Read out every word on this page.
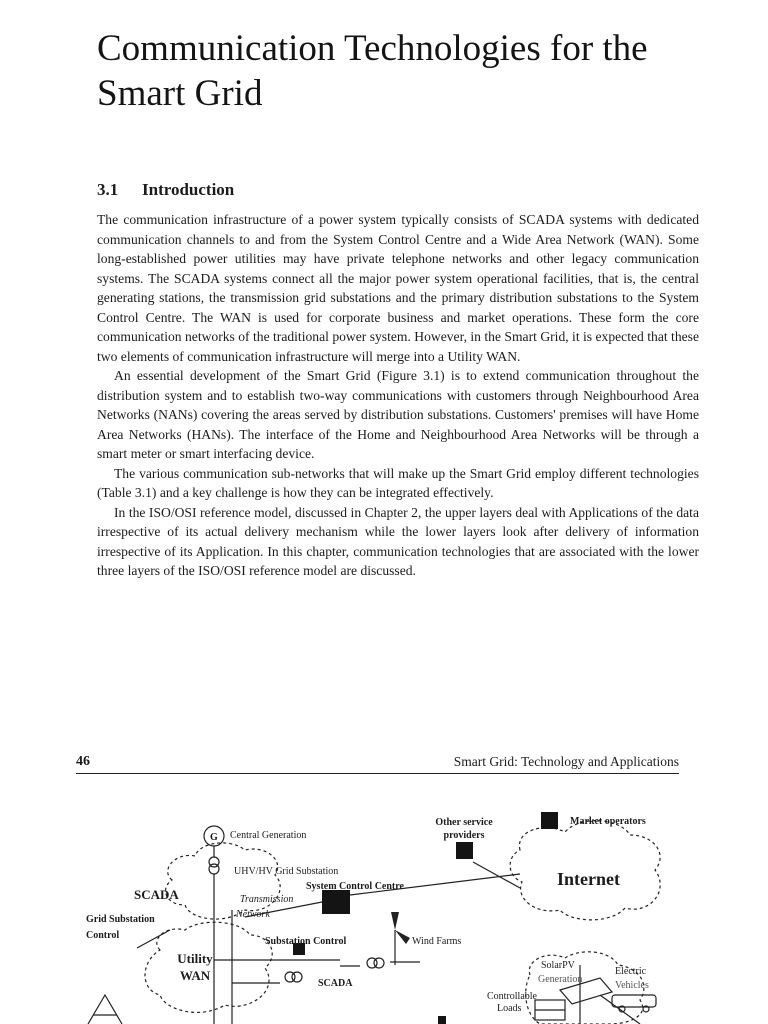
Communication Technologies for the Smart Grid
3.1 Introduction

The communication infrastructure of a power system typically consists of SCADA systems with dedicated communication channels to and from the System Control Centre and a Wide Area Network (WAN). Some long-established power utilities may have private telephone networks and other legacy communication systems. The SCADA systems connect all the major power system operational facilities, that is, the central generating stations, the transmission grid substations and the primary distribution substations to the System Control Centre. The WAN is used for corporate business and market operations. These form the core communication networks of the traditional power system. However, in the Smart Grid, it is expected that these two elements of communication infrastructure will merge into a Utility WAN.

An essential development of the Smart Grid (Figure 3.1) is to extend communication throughout the distribution system and to establish two-way communications with customers through Neighbourhood Area Networks (NANs) covering the areas served by distribution substations. Customers' premises will have Home Area Networks (HANs). The interface of the Home and Neighbourhood Area Networks will be through a smart meter or smart interfacing device.

The various communication sub-networks that will make up the Smart Grid employ different technologies (Table 3.1) and a key challenge is how they can be integrated effectively.

In the ISO/OSI reference model, discussed in Chapter 2, the upper layers deal with Applications of the data irrespective of its actual delivery mechanism while the lower layers look after delivery of information irrespective of its Application. In this chapter, communication technologies that are associated with the lower three layers of the ISO/OSI reference model are discussed.

46	Smart Grid: Technology and Applications
G Central Generation
UHV/HV Grid Substation
System Control Centre
SCADA	Transmission
Network
Grid Substation
Control
Substation Control	Wind Farms
Utility
WAN
SCADA
Other service
providers
Market operators
Internet
SolarPV
Generation
Electric
Vehicles
Controllable
Loads
